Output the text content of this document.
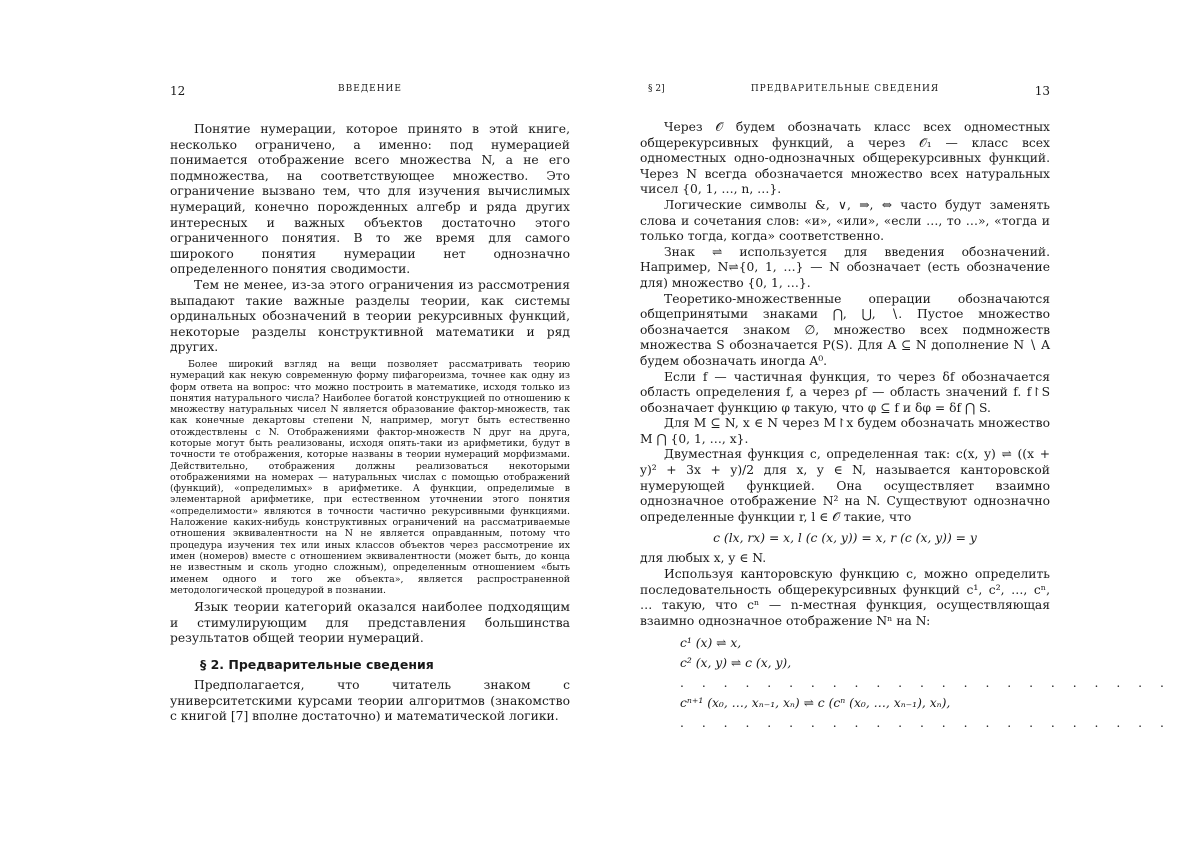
12	ВВЕДЕНИЕ

Понятие нумерации, которое принято в этой книге, несколько ограничено, а именно: под нумерацией понимается отображение всего множества N, а не его подмножества, на соответствующее множество. Это ограничение вызвано тем, что для изучения вычислимых нумераций, конечно порожденных алгебр и ряда других интересных и важных объектов достаточно этого ограниченного понятия. В то же время для самого широкого понятия нумерации нет однозначно определенного понятия сводимости.

Тем не менее, из-за этого ограничения из рассмотрения выпадают такие важные разделы теории, как системы ординальных обозначений в теории рекурсивных функций, некоторые разделы конструктивной математики и ряд других.

Более широкий взгляд на вещи позволяет рассматривать теорию нумераций как некую современную форму пифагореизма, точнее как одну из форм ответа на вопрос: что можно построить в математике, исходя только из понятия натурального числа? Наиболее богатой конструкцией по отношению к множеству натуральных чисел N является образование фактор-множеств, так как конечные декартовы степени N, например, могут быть естественно отождествлены с N. Отображениями фактор-множеств N друг на друга, которые могут быть реализованы, исходя опять-таки из арифметики, будут в точности те отображения, которые названы в теории нумераций морфизмами. Действительно, отображения должны реализоваться некоторыми отображениями на номерах — натуральных числах с помощью отображений (функций), «определимых» в арифметике. А функции, определимые в элементарной арифметике, при естественном уточнении этого понятия «определимости» являются в точности частично рекурсивными функциями. Наложение каких-нибудь конструктивных ограничений на рассматриваемые отношения эквивалентности на N не является оправданным, потому что процедура изучения тех или иных классов объектов через рассмотрение их имен (номеров) вместе с отношением эквивалентности (может быть, до конца не известным и сколь угодно сложным), определенным отношением «быть именем одного и того же объекта», является распространенной методологической процедурой в познании.

Язык теории категорий оказался наиболее подходящим и стимулирующим для представления большинства результатов общей теории нумераций.

§ 2. Предварительные сведения

Предполагается, что читатель знаком с университетскими курсами теории алгоритмов (знакомство с книгой [7] вполне достаточно) и математической логики.

§ 2]	ПРЕДВАРИТЕЛЬНЫЕ СВЕДЕНИЯ	13

Через 𝒪 будем обозначать класс всех одноместных общерекурсивных функций, а через 𝒪₁ — класс всех одноместных одно-однозначных общерекурсивных функций. Через N всегда обозначается множество всех натуральных чисел {0, 1, …, n, …}.

Логические символы &, ∨, ⇒, ⇔ часто будут заменять слова и сочетания слов: «и», «или», «если …, то …», «тогда и только тогда, когда» соответственно.

Знак ⇌ используется для введения обозначений. Например, N⇌{0, 1, …} — N обозначает (есть обозначение для) множество {0, 1, …}.

Теоретико-множественные операции обозначаются общепринятыми знаками ⋂, ⋃, ∖. Пустое множество обозначается знаком ∅, множество всех подмножеств множества S обозначается P(S). Для A ⊆ N дополнение N ∖ A будем обозначать иногда A⁰.

Если f — частичная функция, то через δf обозначается область определения f, а через ρf — область значений f. f↾S обозначает функцию φ такую, что φ ⊆ f и δφ = δf ⋂ S.

Для M ⊆ N, x ∈ N через M↾x будем обозначать множество M ⋂ {0, 1, …, x}.

Двуместная функция c, определенная так: c(x, y) ⇌ ((x + y)² + 3x + y)/2 для x, y ∈ N, называется канторовской нумерующей функцией. Она осуществляет взаимно однозначное отображение N² на N. Существуют однозначно определенные функции r, l ∈ 𝒪 такие, что

c (lx, rx) = x, l (c (x, y)) = x, r (c (x, y)) = y

для любых x, y ∈ N.

Используя канторовскую функцию c, можно определить последовательность общерекурсивных функций c¹, c², …, cⁿ, … такую, что cⁿ — n-местная функция, осуществляющая взаимно однозначное отображение Nⁿ на N:

c¹ (x) ⇌ x,
c² (x, y) ⇌ c (x, y),
. . . . . . . . . . . . . . . . . . . . . . .
cⁿ⁺¹ (x₀, …, xₙ₋₁, xₙ) ⇌ c (cⁿ (x₀, …, xₙ₋₁), xₙ),
. . . . . . . . . . . . . . . . . . . . . . .
